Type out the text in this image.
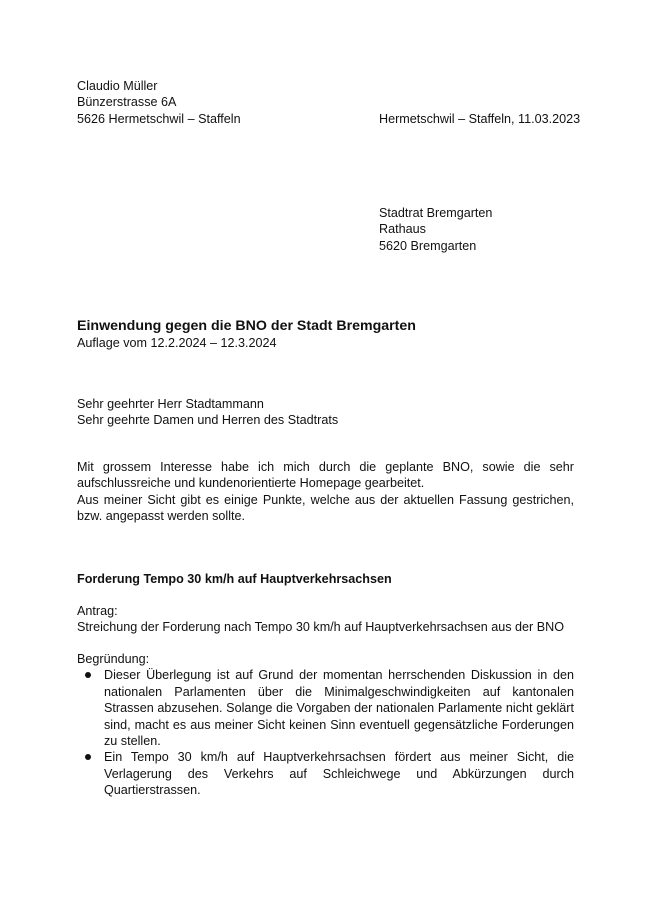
Claudio Müller
Bünzerstrasse 6A
5626 Hermetschwil – Staffeln	Hermetschwil – Staffeln, 11.03.2023
Stadtrat Bremgarten
Rathaus
5620 Bremgarten
Einwendung gegen die BNO der Stadt Bremgarten
Auflage vom 12.2.2024 – 12.3.2024
Sehr geehrter Herr Stadtammann
Sehr geehrte Damen und Herren des Stadtrats

Mit grossem Interesse habe ich mich durch die geplante BNO, sowie die sehr aufschlussreiche und kundenorientierte Homepage gearbeitet.

Aus meiner Sicht gibt es einige Punkte, welche aus der aktuellen Fassung gestrichen, bzw. angepasst werden sollte.

Forderung Tempo 30 km/h auf Hauptverkehrsachsen
Antrag:
Streichung der Forderung nach Tempo 30 km/h auf Hauptverkehrsachsen aus der BNO
Begründung:
Dieser Überlegung ist auf Grund der momentan herrschenden Diskussion in den nationalen Parlamenten über die Minimalgeschwindigkeiten auf kantonalen Strassen abzusehen. Solange die Vorgaben der nationalen Parlamente nicht geklärt sind, macht es aus meiner Sicht keinen Sinn eventuell gegensätzliche Forderungen zu stellen.
Ein Tempo 30 km/h auf Hauptverkehrsachsen fördert aus meiner Sicht, die Verlagerung des Verkehrs auf Schleichwege und Abkürzungen durch Quartierstrassen.
